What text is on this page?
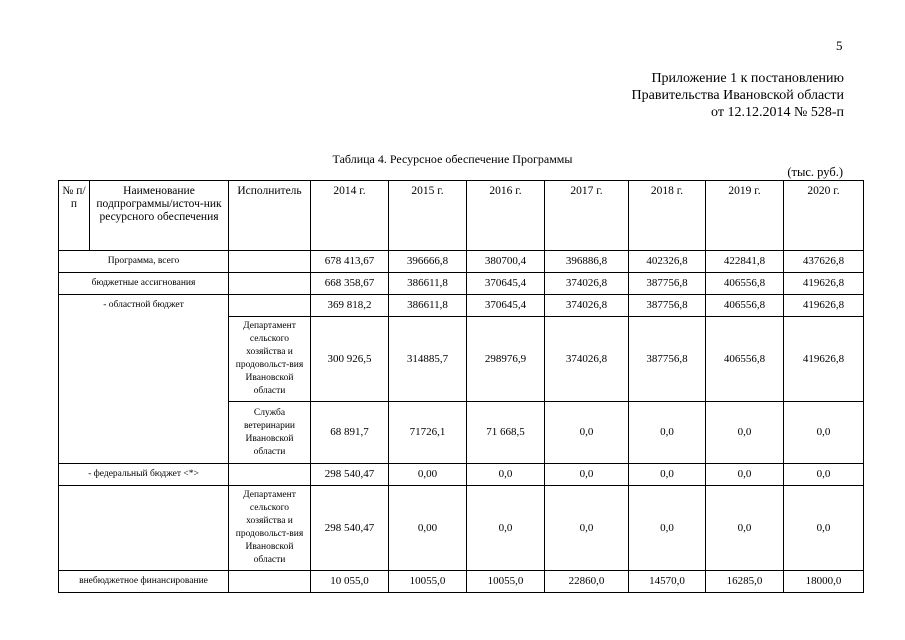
5
Приложение 1 к постановлению
Правительства Ивановской области
от 12.12.2014 № 528-п
Таблица 4. Ресурсное обеспечение Программы
(тыс. руб.)
№ п/п	Наименование подпрограммы/источ-ник ресурсного обеспечения	Исполнитель	2014 г.	2015 г.	2016 г.	2017 г.	2018 г.	2019 г.	2020 г.
Программа, всего			678 413,67	396666,8	380700,4	396886,8	402326,8	422841,8	437626,8
бюджетные ассигнования			668 358,67	386611,8	370645,4	374026,8	387756,8	406556,8	419626,8
- областной бюджет			369 818,2	386611,8	370645,4	374026,8	387756,8	406556,8	419626,8
		Департамент сельского хозяйства и продовольст-вия Ивановской области	300 926,5	314885,7	298976,9	374026,8	387756,8	406556,8	419626,8
		Служба ветеринарии Ивановской области	68 891,7	71726,1	71 668,5	0,0	0,0	0,0	0,0
- федеральный бюджет <*>			298 540,47	0,00	0,0	0,0	0,0	0,0	0,0
		Департамент сельского хозяйства и продовольст-вия Ивановской области	298 540,47	0,00	0,0	0,0	0,0	0,0	0,0
внебюджетное финансирование			10 055,0	10055,0	10055,0	22860,0	14570,0	16285,0	18000,0
